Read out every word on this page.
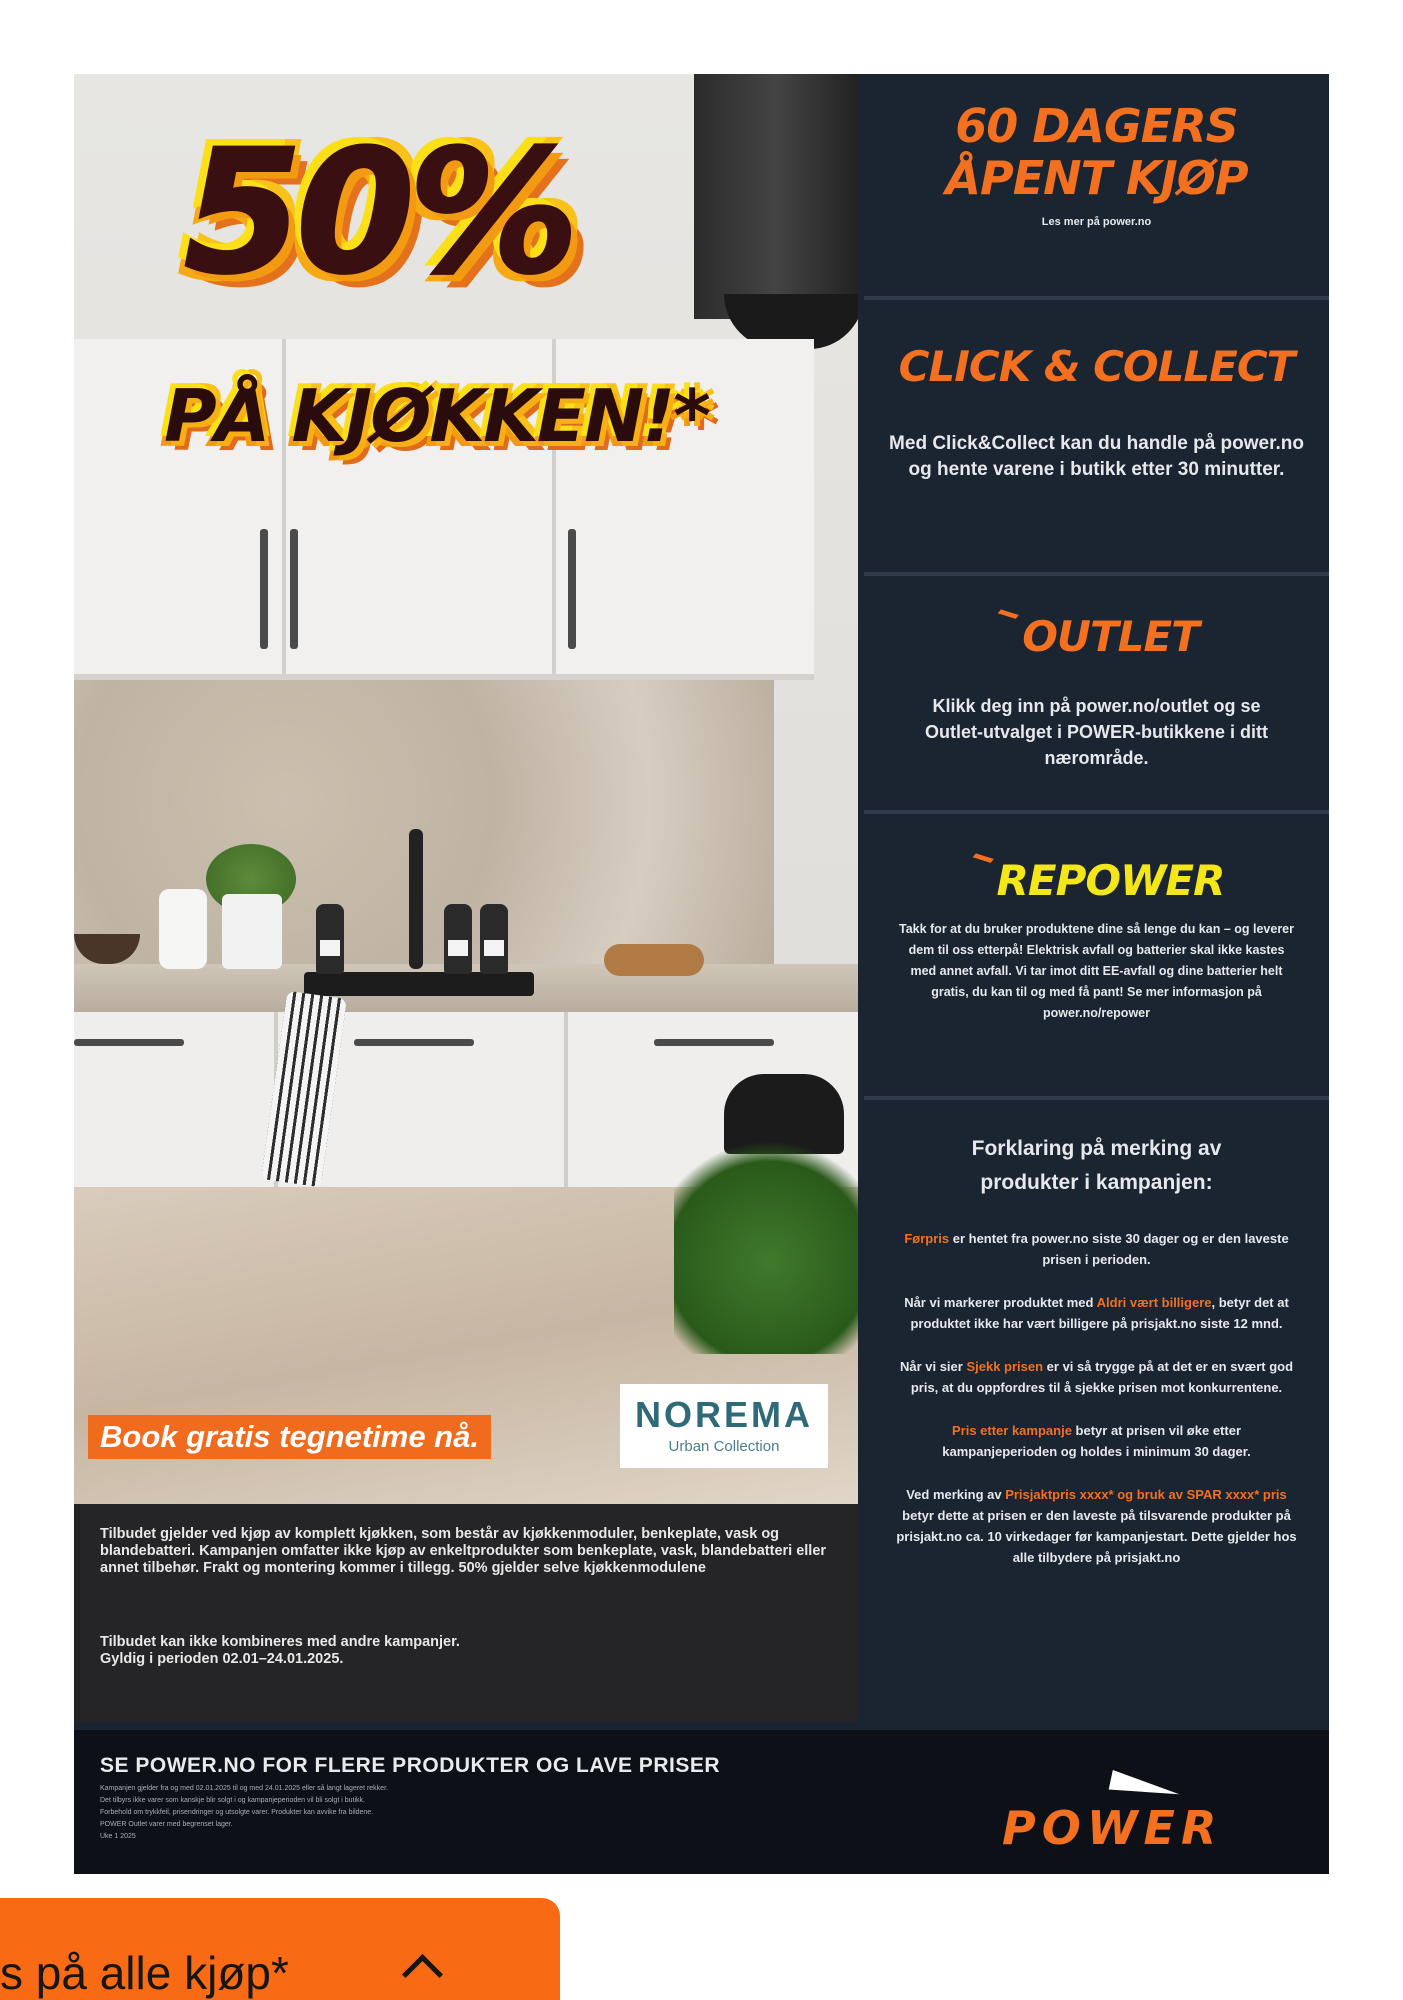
50%
PÅ KJØKKEN!*
Book gratis tegnetime nå.
NOREMA
Urban Collection
Tilbudet gjelder ved kjøp av komplett kjøkken, som består av kjøkkenmoduler, benkeplate, vask og blandebatteri. Kampanjen omfatter ikke kjøp av enkeltprodukter som benkeplate, vask, blandebatteri eller annet tilbehør. Frakt og montering kommer i tillegg. 50% gjelder selve kjøkkenmodulene
Tilbudet kan ikke kombineres med andre kampanjer.
Gyldig i perioden 02.01–24.01.2025.
60 DAGERS
ÅPENT KJØP
Les mer på power.no
CLICK & COLLECT
Med Click&Collect kan du handle på power.no og hente varene i butikk etter 30 minutter.
OUTLET
Klikk deg inn på power.no/outlet og se Outlet-utvalget i POWER-butikkene i ditt nærområde.
REPOWER
Takk for at du bruker produktene dine så lenge du kan – og leverer dem til oss etterpå! Elektrisk avfall og batterier skal ikke kastes med annet avfall. Vi tar imot ditt EE-avfall og dine batterier helt gratis, du kan til og med få pant! Se mer informasjon på power.no/repower
Forklaring på merking av produkter i kampanjen:
Førpris er hentet fra power.no siste 30 dager og er den laveste prisen i perioden.
Når vi markerer produktet med Aldri vært billigere, betyr det at produktet ikke har vært billigere på prisjakt.no siste 12 mnd.
Når vi sier Sjekk prisen er vi så trygge på at det er en svært god pris, at du oppfordres til å sjekke prisen mot konkurrentene.
Pris etter kampanje betyr at prisen vil øke etter kampanjeperioden og holdes i minimum 30 dager.
Ved merking av Prisjaktpris xxxx* og bruk av SPAR xxxx* pris betyr dette at prisen er den laveste på tilsvarende produkter på prisjakt.no ca. 10 virkedager før kampanjestart. Dette gjelder hos alle tilbydere på prisjakt.no
SE POWER.NO FOR FLERE PRODUKTER OG LAVE PRISER
Kampanjen gjelder fra og med 02.01.2025 til og med 24.01.2025 eller så langt lageret rekker.
Det tilbyrs ikke varer som kanskje blir solgt i og kampanjeperioden vil bli solgt i butikk.
Forbehold om trykkfeil, prisendringer og utsolgte varer. Produkter kan avvike fra bildene.
POWER Outlet varer med begrenset lager.
Uke 1 2025	POWER
s på alle kjøp*
